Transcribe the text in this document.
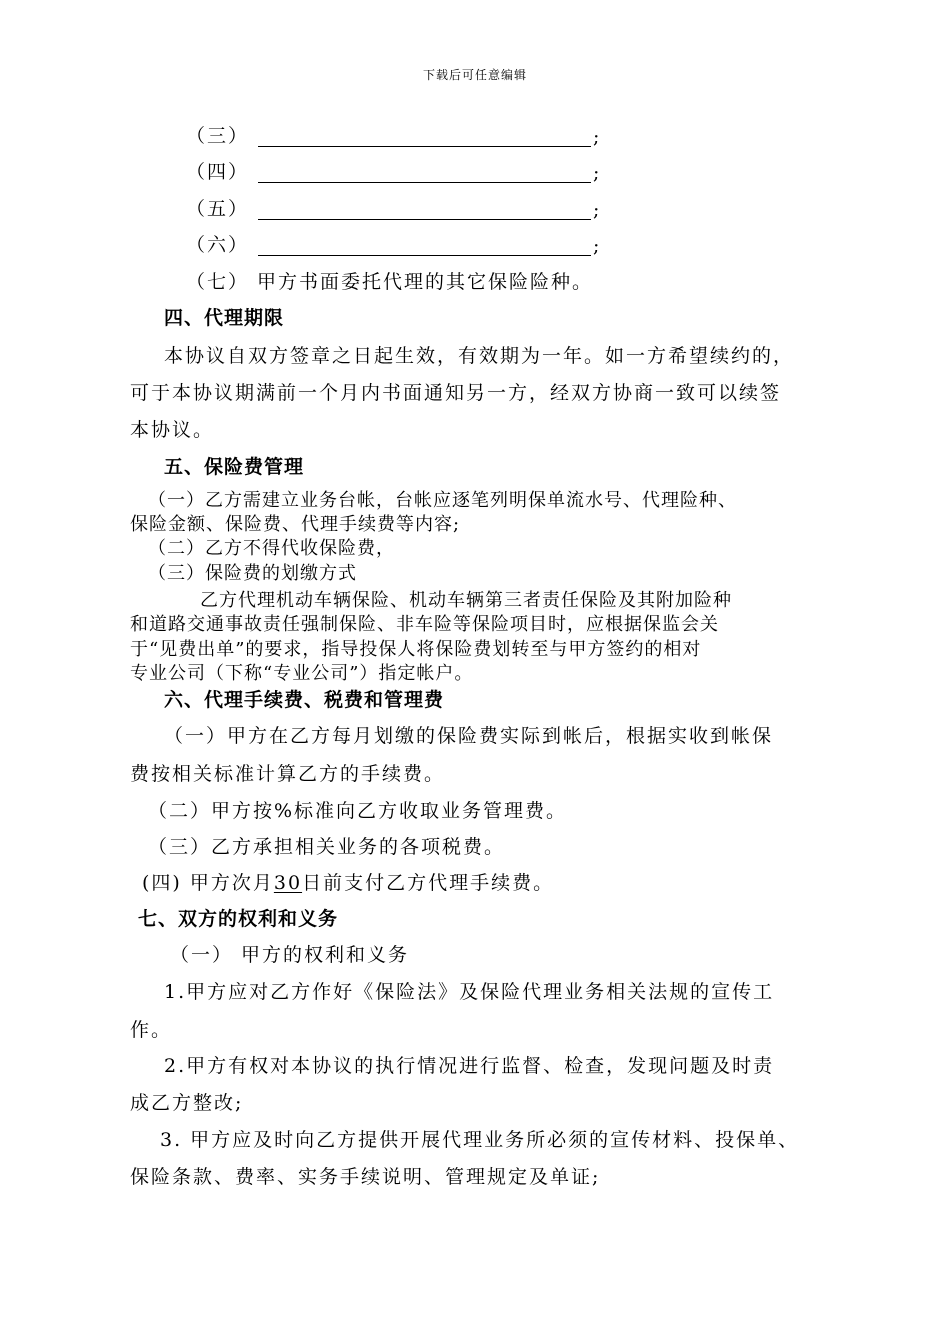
下载后可任意编辑
（三）	;
（四）	;
（五）	;
（六）	;
（七） 甲方书面委托代理的其它保险险种。
四、代理期限
本协议自双方签章之日起生效，有效期为一年。如一方希望续约的，
可于本协议期满前一个月内书面通知另一方，经双方协商一致可以续签
本协议。
五、保险费管理
（一）乙方需建立业务台帐，台帐应逐笔列明保单流水号、代理险种、
保险金额、保险费、代理手续费等内容;
（二）乙方不得代收保险费，
（三）保险费的划缴方式
乙方代理机动车辆保险、机动车辆第三者责任保险及其附加险种
和道路交通事故责任强制保险、非车险等保险项目时，应根据保监会关
于“见费出单”的要求，指导投保人将保险费划转至与甲方签约的相对
专业公司（下称“专业公司”）指定帐户。
六、代理手续费、税费和管理费
（一）甲方在乙方每月划缴的保险费实际到帐后，根据实收到帐保
费按相关标准计算乙方的手续费。
（二）甲方按%标准向乙方收取业务管理费。
（三）乙方承担相关业务的各项税费。
(四) 甲方次月30日前支付乙方代理手续费。
七、双方的权利和义务
（一） 甲方的权利和义务
1.甲方应对乙方作好《保险法》及保险代理业务相关法规的宣传工
作。
2.甲方有权对本协议的执行情况进行监督、检查，发现问题及时责
成乙方整改;
3. 甲方应及时向乙方提供开展代理业务所必须的宣传材料、投保单、
保险条款、费率、实务手续说明、管理规定及单证;
